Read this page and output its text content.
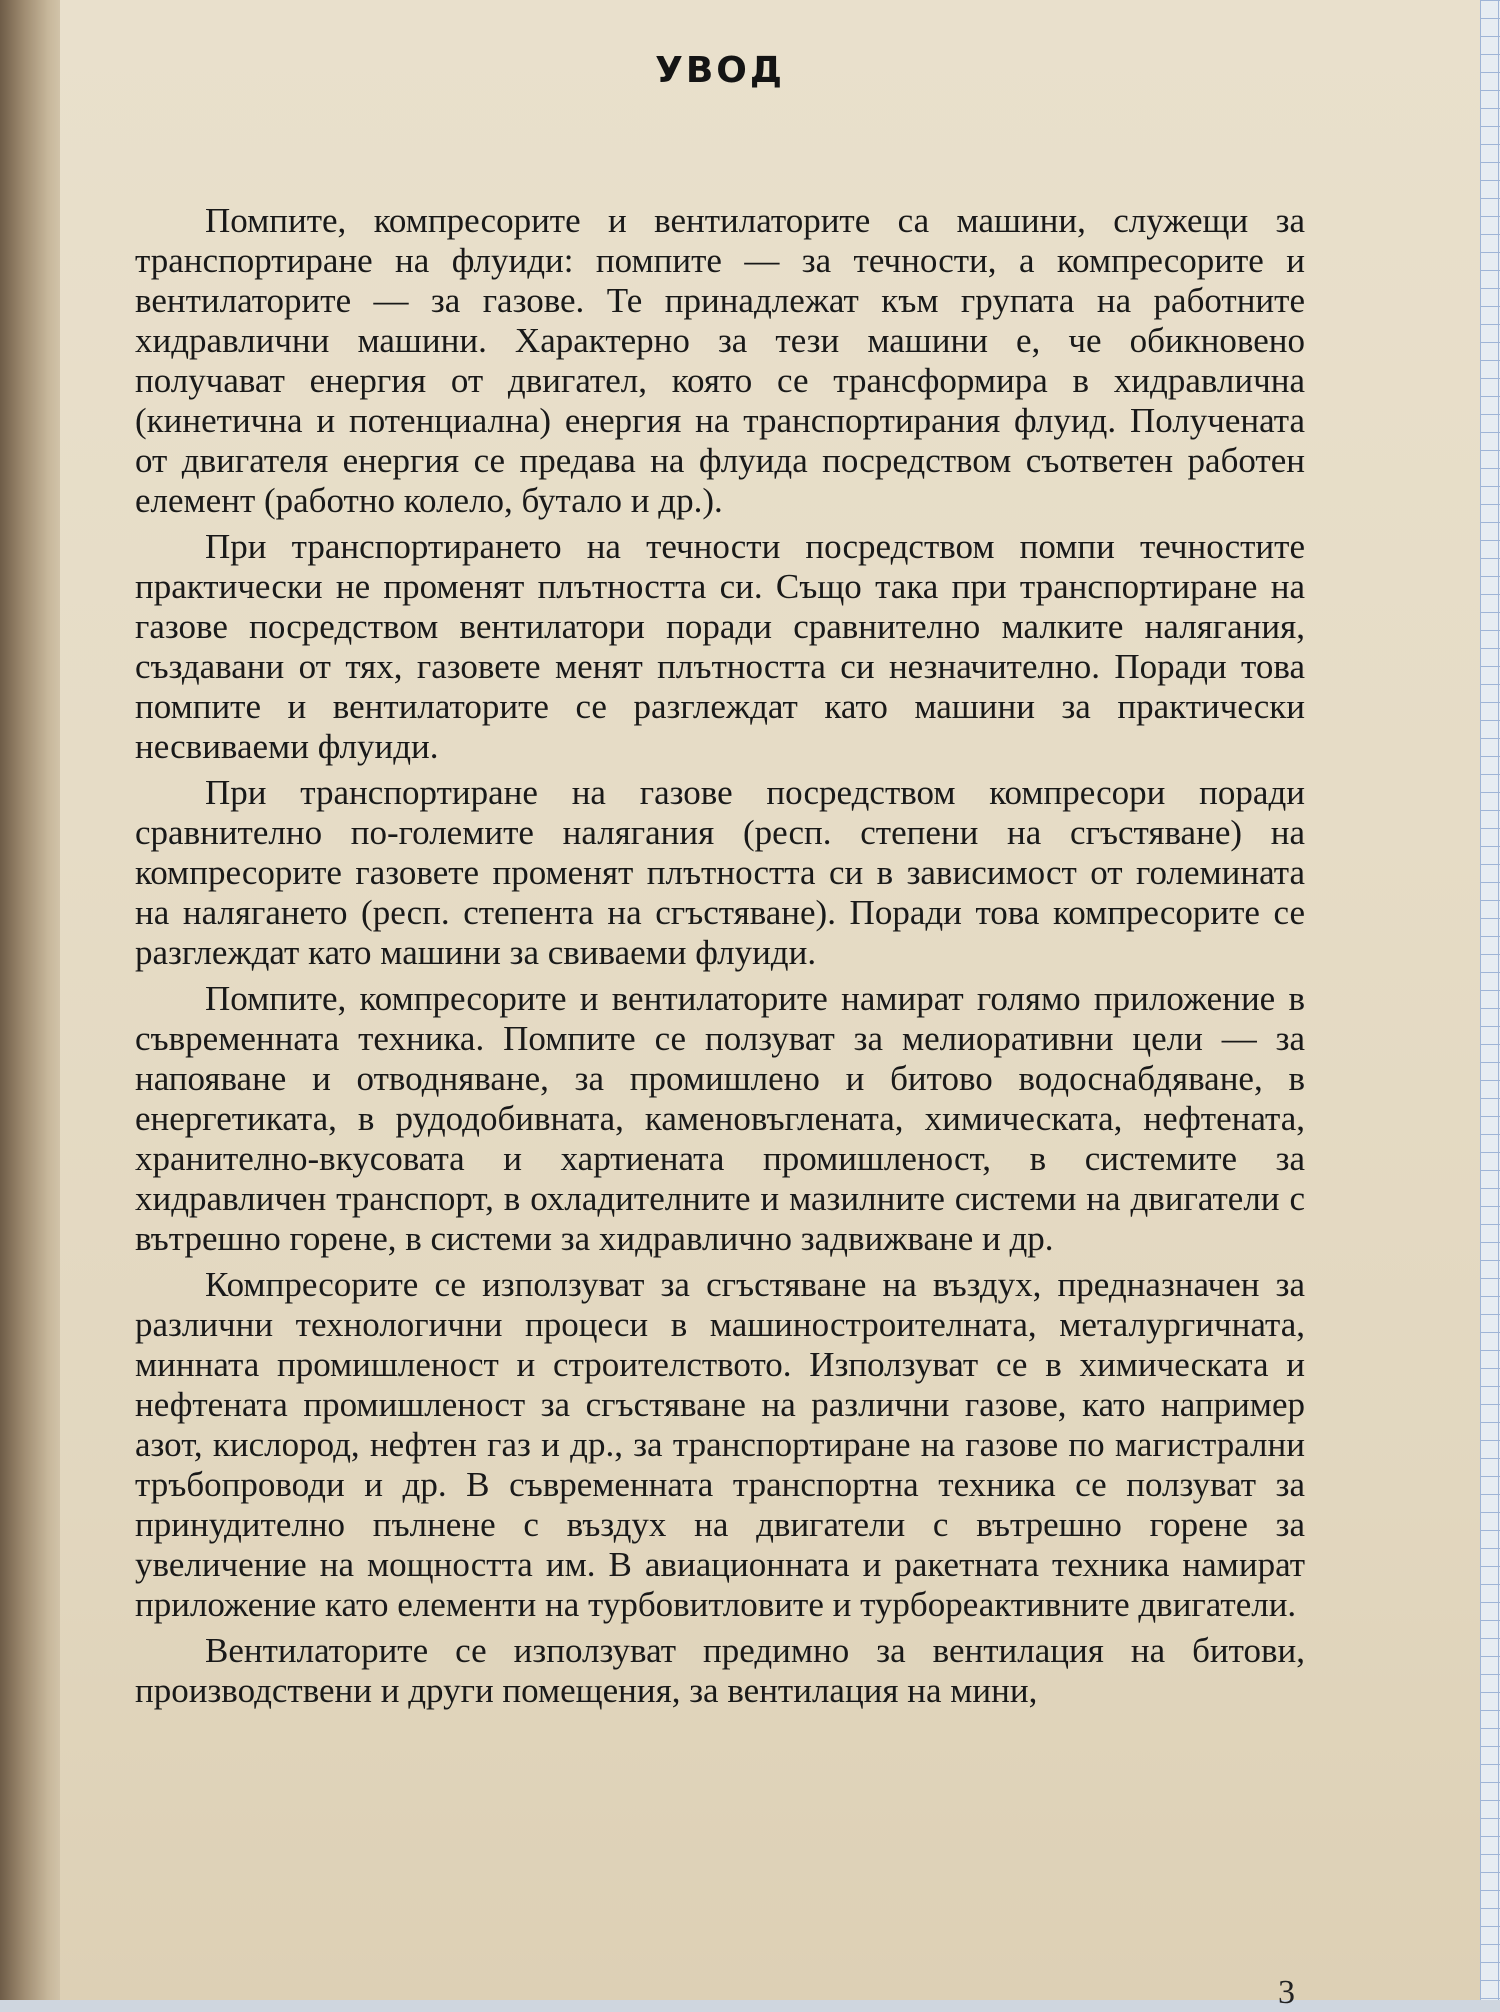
УВОД

Помпите, компресорите и вентилаторите са машини, служещи за транспортиране на флуиди: помпите — за течности, а компресорите и вентилаторите — за газове. Те принадлежат към групата на работните хидравлични машини. Характерно за тези машини е, че обикновено получават енергия от двигател, която се трансформира в хидравлична (кинетична и потенциална) енергия на транспортирания флуид. Получената от двигателя енергия се предава на флуида посредством съответен работен елемент (работно колело, бутало и др.).

При транспортирането на течности посредством помпи течностите практически не променят плътността си. Също така при транспортиране на газове посредством вентилатори поради сравнително малките налягания, създавани от тях, газовете менят плътността си незначително. Поради това помпите и вентилаторите се разглеждат като машини за практически несвиваеми флуиди.

При транспортиране на газове посредством компресори поради сравнително по-големите налягания (респ. степени на сгъстяване) на компресорите газовете променят плътността си в зависимост от големината на налягането (респ. степента на сгъстяване). Поради това компресорите се разглеждат като машини за свиваеми флуиди.

Помпите, компресорите и вентилаторите намират голямо приложение в съвременната техника. Помпите се ползуват за мелиоративни цели — за напояване и отводняване, за промишлено и битово водоснабдяване, в енергетиката, в рудодобивната, каменовъглената, химическата, нефтената, хранително-вкусовата и хартиената промишленост, в системите за хидравличен транспорт, в охладителните и мазилните системи на двигатели с вътрешно горене, в системи за хидравлично задвижване и др.

Компресорите се използуват за сгъстяване на въздух, предназначен за различни технологични процеси в машиностроителната, металургичната, минната промишленост и строителството. Използуват се в химическата и нефтената промишленост за сгъстяване на различни газове, като например азот, кислород, нефтен газ и др., за транспортиране на газове по магистрални тръбопроводи и др. В съвременната транспортна техника се ползуват за принудително пълнене с въздух на двигатели с вътрешно горене за увеличение на мощността им. В авиационната и ракетната техника намират приложение като елементи на турбовитловите и турбореактивните двигатели.

Вентилаторите се използуват предимно за вентилация на битови, производствени и други помещения, за вентилация на мини,

3
